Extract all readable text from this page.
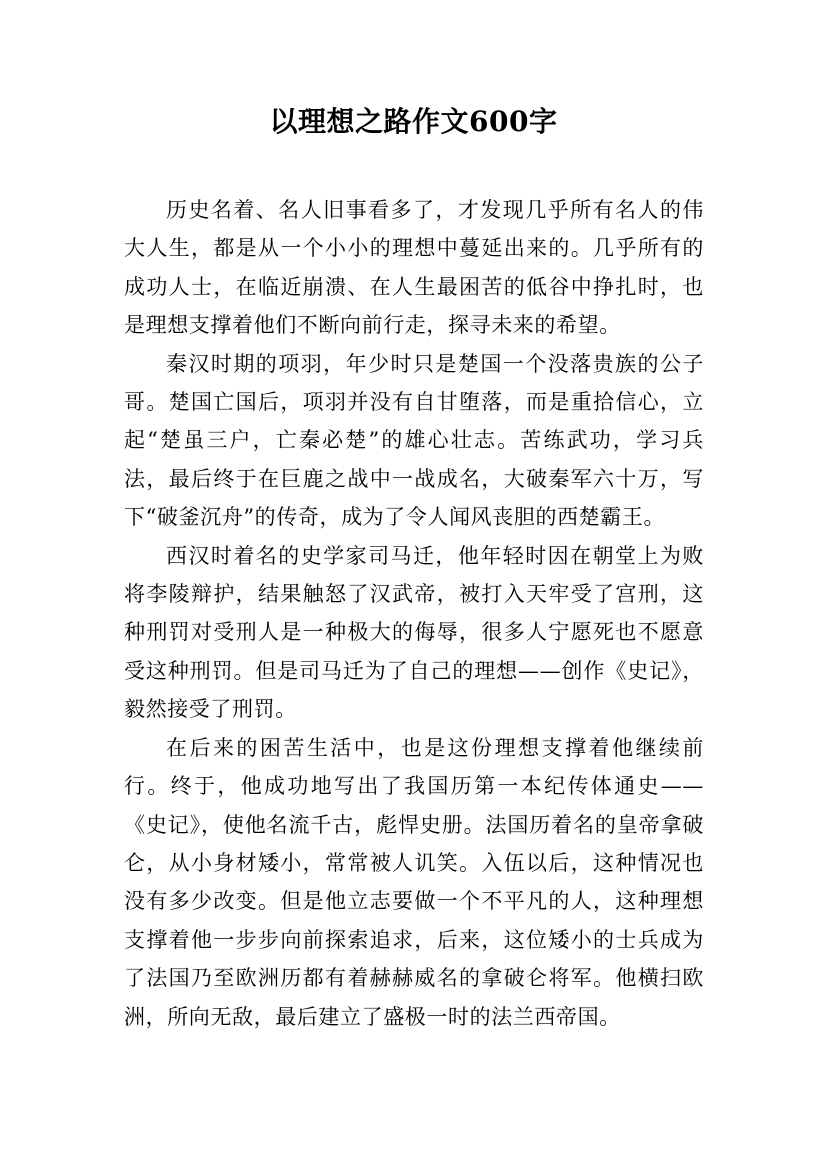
以理想之路作文600字

历史名着、名人旧事看多了，才发现几乎所有名人的伟大人生，都是从一个小小的理想中蔓延出来的。几乎所有的成功人士，在临近崩溃、在人生最困苦的低谷中挣扎时，也是理想支撑着他们不断向前行走，探寻未来的希望。

秦汉时期的项羽，年少时只是楚国一个没落贵族的公子哥。楚国亡国后，项羽并没有自甘堕落，而是重拾信心，立起“楚虽三户，亡秦必楚”的雄心壮志。苦练武功，学习兵法，最后终于在巨鹿之战中一战成名，大破秦军六十万，写下“破釜沉舟”的传奇，成为了令人闻风丧胆的西楚霸王。

西汉时着名的史学家司马迁，他年轻时因在朝堂上为败将李陵辩护，结果触怒了汉武帝，被打入天牢受了宫刑，这种刑罚对受刑人是一种极大的侮辱，很多人宁愿死也不愿意受这种刑罚。但是司马迁为了自己的理想——创作《史记》，毅然接受了刑罚。

在后来的困苦生活中，也是这份理想支撑着他继续前行。终于，他成功地写出了我国历第一本纪传体通史——《史记》，使他名流千古，彪悍史册。法国历着名的皇帝拿破仑，从小身材矮小，常常被人讥笑。入伍以后，这种情况也没有多少改变。但是他立志要做一个不平凡的人，这种理想支撑着他一步步向前探索追求，后来，这位矮小的士兵成为了法国乃至欧洲历都有着赫赫威名的拿破仑将军。他横扫欧洲，所向无敌，最后建立了盛极一时的法兰西帝国。
